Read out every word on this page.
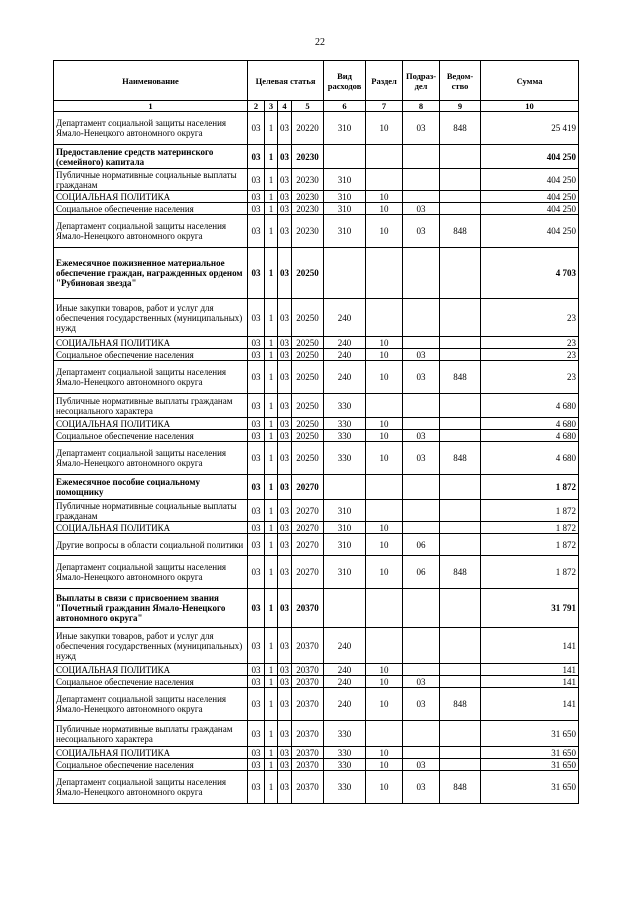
22
Наименование	Целевая статья				Вид расходов	Раздел	Подраз-дел	Ведом-ство	Сумма
1	2	3	4	5	6	7	8	9	10
Департамент социальной защиты населения Ямало-Ненецкого автономного округа	03	1	03	20220	310	10	03	848	25 419
Предоставление средств материнского (семейного) капитала	03	1	03	20230					404 250
Публичные нормативные социальные выплаты гражданам	03	1	03	20230	310				404 250
СОЦИАЛЬНАЯ ПОЛИТИКА	03	1	03	20230	310	10			404 250
Социальное обеспечение населения	03	1	03	20230	310	10	03		404 250
Департамент социальной защиты населения Ямало-Ненецкого автономного округа	03	1	03	20230	310	10	03	848	404 250
Ежемесячное пожизненное материальное обеспечение граждан, награжденных орденом "Рубиновая звезда"	03	1	03	20250					4 703
Иные закупки товаров, работ и услуг для обеспечения государственных (муниципальных) нужд	03	1	03	20250	240				23
СОЦИАЛЬНАЯ ПОЛИТИКА	03	1	03	20250	240	10			23
Социальное обеспечение населения	03	1	03	20250	240	10	03		23
Департамент социальной защиты населения Ямало-Ненецкого автономного округа	03	1	03	20250	240	10	03	848	23
Публичные нормативные выплаты гражданам несоциального характера	03	1	03	20250	330				4 680
СОЦИАЛЬНАЯ ПОЛИТИКА	03	1	03	20250	330	10			4 680
Социальное обеспечение населения	03	1	03	20250	330	10	03		4 680
Департамент социальной защиты населения Ямало-Ненецкого автономного округа	03	1	03	20250	330	10	03	848	4 680
Ежемесячное пособие социальному помощнику	03	1	03	20270					1 872
Публичные нормативные социальные выплаты гражданам	03	1	03	20270	310				1 872
СОЦИАЛЬНАЯ ПОЛИТИКА	03	1	03	20270	310	10			1 872
Другие вопросы в области социальной политики	03	1	03	20270	310	10	06		1 872
Департамент социальной защиты населения Ямало-Ненецкого автономного округа	03	1	03	20270	310	10	06	848	1 872
Выплаты в связи с присвоением звания "Почетный гражданин Ямало-Ненецкого автономного округа"	03	1	03	20370					31 791
Иные закупки товаров, работ и услуг для обеспечения государственных (муниципальных) нужд	03	1	03	20370	240				141
СОЦИАЛЬНАЯ ПОЛИТИКА	03	1	03	20370	240	10			141
Социальное обеспечение населения	03	1	03	20370	240	10	03		141
Департамент социальной защиты населения Ямало-Ненецкого автономного округа	03	1	03	20370	240	10	03	848	141
Публичные нормативные выплаты гражданам несоциального характера	03	1	03	20370	330				31 650
СОЦИАЛЬНАЯ ПОЛИТИКА	03	1	03	20370	330	10			31 650
Социальное обеспечение населения	03	1	03	20370	330	10	03		31 650
Департамент социальной защиты населения Ямало-Ненецкого автономного округа	03	1	03	20370	330	10	03	848	31 650
